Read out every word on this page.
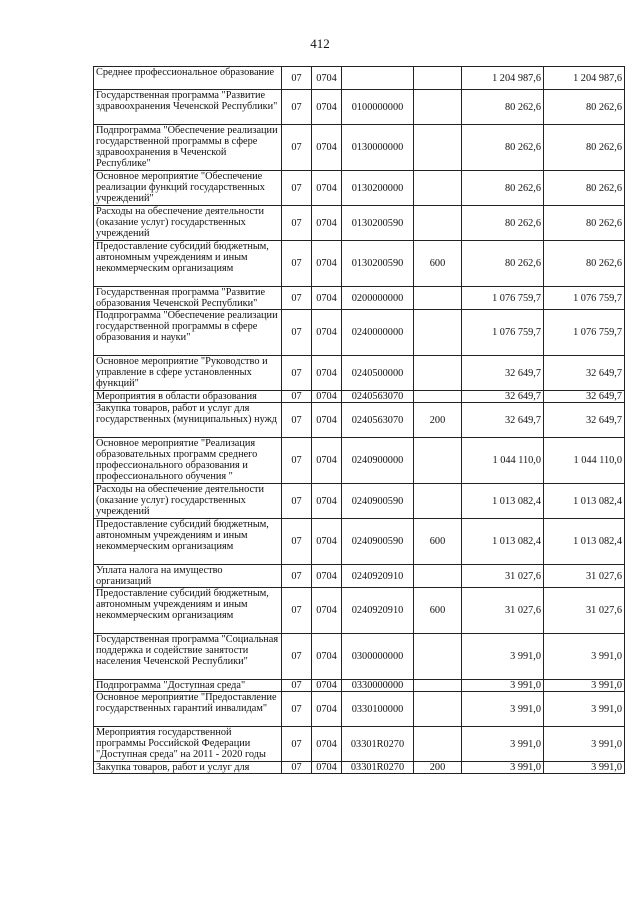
412
Среднее профессиональное образование	07	0704			1 204 987,6	1 204 987,6
Государственная программа "Развитие здравоохранения Чеченской Республики"	07	0704	0100000000		80 262,6	80 262,6
Подпрограмма "Обеспечение реализации государственной программы в сфере здравоохранения в Чеченской Республике"	07	0704	0130000000		80 262,6	80 262,6
Основное мероприятие "Обеспечение реализации функций государственных учреждений"	07	0704	0130200000		80 262,6	80 262,6
Расходы на обеспечение деятельности (оказание услуг) государственных учреждений	07	0704	0130200590		80 262,6	80 262,6
Предоставление субсидий бюджетным, автономным учреждениям и иным некоммерческим организациям	07	0704	0130200590	600	80 262,6	80 262,6
Государственная программа "Развитие образования Чеченской Республики"	07	0704	0200000000		1 076 759,7	1 076 759,7
Подпрограмма "Обеспечение реализации государственной программы в сфере образования и науки"	07	0704	0240000000		1 076 759,7	1 076 759,7
Основное мероприятие "Руководство и управление в сфере установленных функций"	07	0704	0240500000		32 649,7	32 649,7
Мероприятия в области образования	07	0704	0240563070		32 649,7	32 649,7
Закупка товаров, работ и услуг для государственных (муниципальных) нужд	07	0704	0240563070	200	32 649,7	32 649,7
Основное мероприятие "Реализация образовательных программ среднего профессионального образования и профессионального обучения "	07	0704	0240900000		1 044 110,0	1 044 110,0
Расходы на обеспечение деятельности (оказание услуг) государственных учреждений	07	0704	0240900590		1 013 082,4	1 013 082,4
Предоставление субсидий бюджетным, автономным учреждениям и иным некоммерческим организациям	07	0704	0240900590	600	1 013 082,4	1 013 082,4
Уплата налога на имущество организаций	07	0704	0240920910		31 027,6	31 027,6
Предоставление субсидий бюджетным, автономным учреждениям и иным некоммерческим организациям	07	0704	0240920910	600	31 027,6	31 027,6
Государственная программа "Социальная поддержка и содействие занятости населения Чеченской Республики"	07	0704	0300000000		3 991,0	3 991,0
Подпрограмма "Доступная среда"	07	0704	0330000000		3 991,0	3 991,0
Основное мероприятие "Предоставление государственных гарантий инвалидам"	07	0704	0330100000		3 991,0	3 991,0
Мероприятия государственной программы Российской Федерации "Доступная среда" на 2011 - 2020 годы	07	0704	03301R0270		3 991,0	3 991,0
Закупка товаров, работ и услуг для	07	0704	03301R0270	200	3 991,0	3 991,0
